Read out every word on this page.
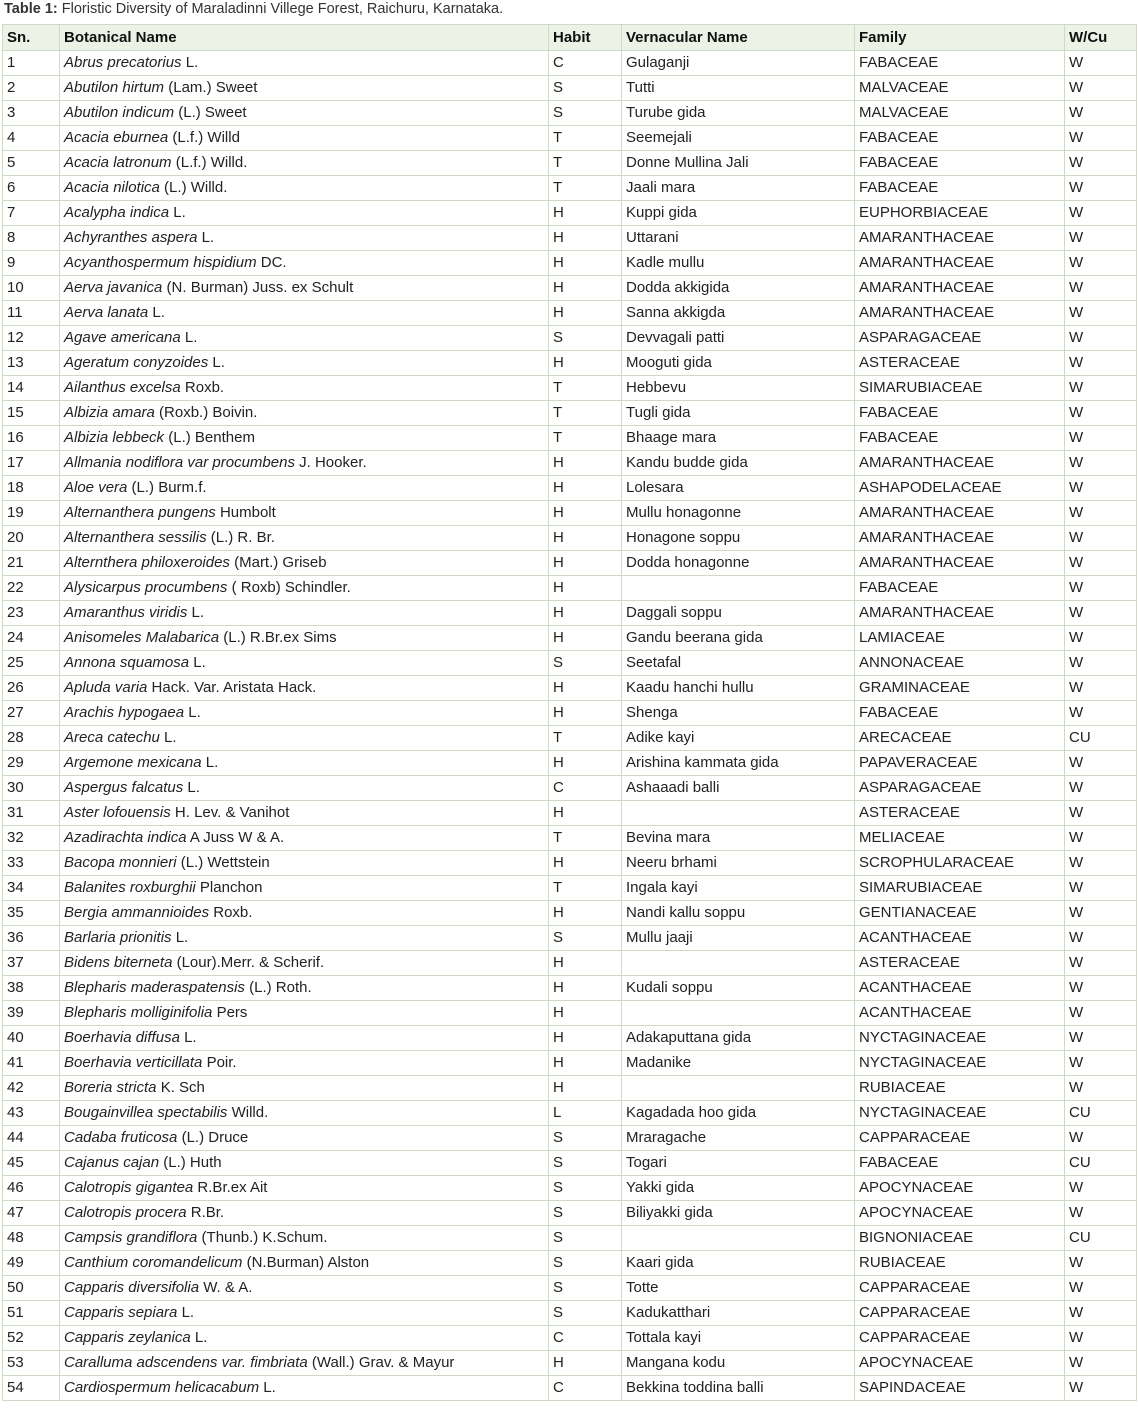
Table 1: Floristic Diversity of Maraladinni Villege Forest, Raichuru, Karnataka.
Sn.	Botanical Name	Habit	Vernacular Name	Family	W/Cu
1	Abrus precatorius L.	C	Gulaganji	FABACEAE	W
2	Abutilon hirtum (Lam.) Sweet	S	Tutti	MALVACEAE	W
3	Abutilon indicum (L.) Sweet	S	Turube gida	MALVACEAE	W
4	Acacia eburnea (L.f.) Willd	T	Seemejali	FABACEAE	W
5	Acacia latronum (L.f.) Willd.	T	Donne Mullina Jali	FABACEAE	W
6	Acacia nilotica (L.) Willd.	T	Jaali mara	FABACEAE	W
7	Acalypha indica L.	H	Kuppi gida	EUPHORBIACEAE	W
8	Achyranthes aspera L.	H	Uttarani	AMARANTHACEAE	W
9	Acyanthospermum hispidium DC.	H	Kadle mullu	AMARANTHACEAE	W
10	Aerva javanica (N. Burman) Juss. ex Schult	H	Dodda akkigida	AMARANTHACEAE	W
11	Aerva lanata L.	H	Sanna akkigda	AMARANTHACEAE	W
12	Agave americana L.	S	Devvagali patti	ASPARAGACEAE	W
13	Ageratum conyzoides L.	H	Mooguti gida	ASTERACEAE	W
14	Ailanthus excelsa Roxb.	T	Hebbevu	SIMARUBIACEAE	W
15	Albizia amara (Roxb.) Boivin.	T	Tugli gida	FABACEAE	W
16	Albizia lebbeck (L.) Benthem	T	Bhaage mara	FABACEAE	W
17	Allmania nodiflora var procumbens J. Hooker.	H	Kandu budde gida	AMARANTHACEAE	W
18	Aloe vera (L.) Burm.f.	H	Lolesara	ASHAPODELACEAE	W
19	Alternanthera pungens Humbolt	H	Mullu honagonne	AMARANTHACEAE	W
20	Alternanthera sessilis (L.) R. Br.	H	Honagone soppu	AMARANTHACEAE	W
21	Alternthera philoxeroides (Mart.) Griseb	H	Dodda honagonne	AMARANTHACEAE	W
22	Alysicarpus procumbens ( Roxb) Schindler.	H		FABACEAE	W
23	Amaranthus viridis L.	H	Daggali soppu	AMARANTHACEAE	W
24	Anisomeles Malabarica (L.) R.Br.ex Sims	H	Gandu beerana gida	LAMIACEAE	W
25	Annona squamosa L.	S	Seetafal	ANNONACEAE	W
26	Apluda varia Hack. Var. Aristata Hack.	H	Kaadu hanchi hullu	GRAMINACEAE	W
27	Arachis hypogaea L.	H	Shenga	FABACEAE	W
28	Areca catechu L.	T	Adike kayi	ARECACEAE	CU
29	Argemone mexicana L.	H	Arishina kammata gida	PAPAVERACEAE	W
30	Aspergus falcatus L.	C	Ashaaadi balli	ASPARAGACEAE	W
31	Aster lofouensis H. Lev. & Vanihot	H		ASTERACEAE	W
32	Azadirachta indica A Juss W & A.	T	Bevina mara	MELIACEAE	W
33	Bacopa monnieri (L.) Wettstein	H	Neeru brhami	SCROPHULARACEAE	W
34	Balanites roxburghii Planchon	T	Ingala kayi	SIMARUBIACEAE	W
35	Bergia ammannioides Roxb.	H	Nandi kallu soppu	GENTIANACEAE	W
36	Barlaria prionitis L.	S	Mullu jaaji	ACANTHACEAE	W
37	Bidens biterneta (Lour).Merr. & Scherif.	H		ASTERACEAE	W
38	Blepharis maderaspatensis (L.) Roth.	H	Kudali soppu	ACANTHACEAE	W
39	Blepharis molliginifolia Pers	H		ACANTHACEAE	W
40	Boerhavia diffusa L.	H	Adakaputtana gida	NYCTAGINACEAE	W
41	Boerhavia verticillata Poir.	H	Madanike	NYCTAGINACEAE	W
42	Boreria stricta K. Sch	H		RUBIACEAE	W
43	Bougainvillea spectabilis Willd.	L	Kagadada hoo gida	NYCTAGINACEAE	CU
44	Cadaba fruticosa (L.) Druce	S	Mraragache	CAPPARACEAE	W
45	Cajanus cajan (L.) Huth	S	Togari	FABACEAE	CU
46	Calotropis gigantea R.Br.ex Ait	S	Yakki gida	APOCYNACEAE	W
47	Calotropis procera R.Br.	S	Biliyakki gida	APOCYNACEAE	W
48	Campsis grandiflora (Thunb.) K.Schum.	S		BIGNONIACEAE	CU
49	Canthium coromandelicum (N.Burman) Alston	S	Kaari gida	RUBIACEAE	W
50	Capparis diversifolia W. & A.	S	Totte	CAPPARACEAE	W
51	Capparis sepiara L.	S	Kadukatthari	CAPPARACEAE	W
52	Capparis zeylanica L.	C	Tottala kayi	CAPPARACEAE	W
53	Caralluma adscendens var. fimbriata (Wall.) Grav. & Mayur	H	Mangana kodu	APOCYNACEAE	W
54	Cardiospermum helicacabum L.	C	Bekkina toddina balli	SAPINDACEAE	W
